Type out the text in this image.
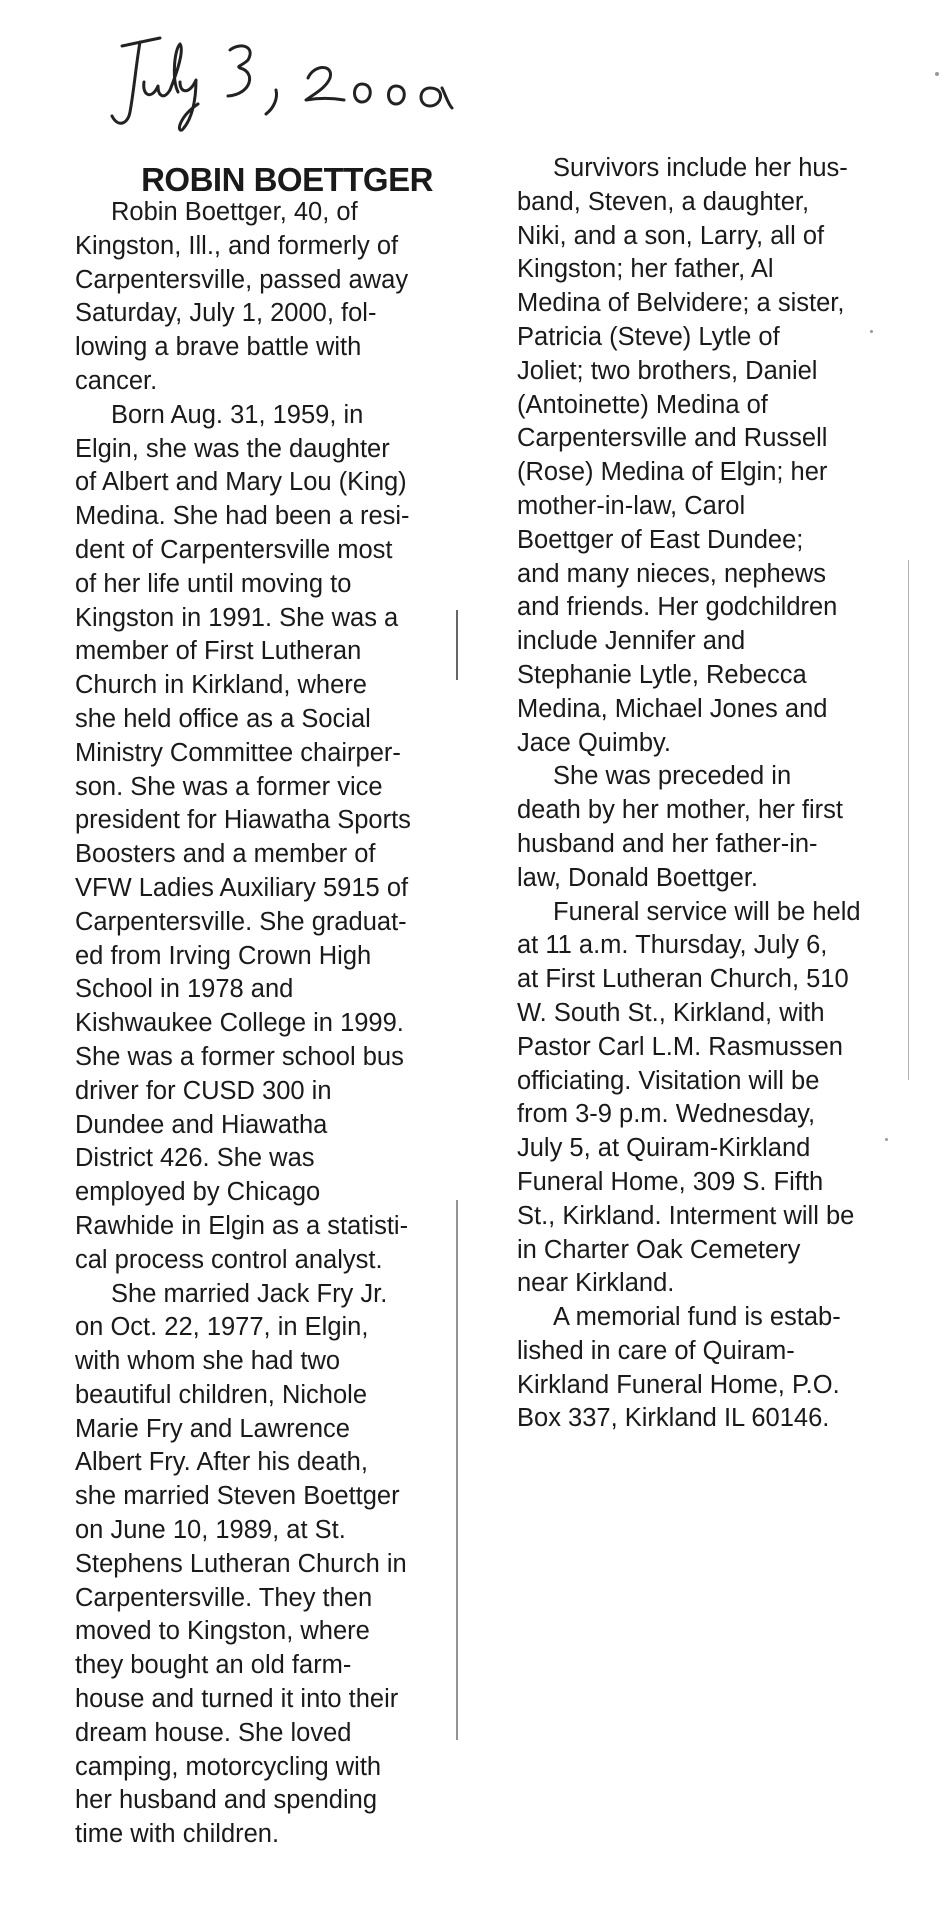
ROBIN BOETTGER

Robin Boettger, 40, of

Kingston, Ill., and formerly of

Carpentersville, passed away

Saturday, July 1, 2000, fol-

lowing a brave battle with

cancer.

Born Aug. 31, 1959, in

Elgin, she was the daughter

of Albert and Mary Lou (King)

Medina. She had been a resi-

dent of Carpentersville most

of her life until moving to

Kingston in 1991. She was a

member of First Lutheran

Church in Kirkland, where

she held office as a Social

Ministry Committee chairper-

son. She was a former vice

president for Hiawatha Sports

Boosters and a member of

VFW Ladies Auxiliary 5915 of

Carpentersville. She graduat-

ed from Irving Crown High

School in 1978 and

Kishwaukee College in 1999.

She was a former school bus

driver for CUSD 300 in

Dundee and Hiawatha

District 426. She was

employed by Chicago

Rawhide in Elgin as a statisti-

cal process control analyst.

She married Jack Fry Jr.

on Oct. 22, 1977, in Elgin,

with whom she had two

beautiful children, Nichole

Marie Fry and Lawrence

Albert Fry. After his death,

she married Steven Boettger

on June 10, 1989, at St.

Stephens Lutheran Church in

Carpentersville. They then

moved to Kingston, where

they bought an old farm-

house and turned it into their

dream house. She loved

camping, motorcycling with

her husband and spending

time with children.

Survivors include her hus-

band, Steven, a daughter,

Niki, and a son, Larry, all of

Kingston; her father, Al

Medina of Belvidere; a sister,

Patricia (Steve) Lytle of

Joliet; two brothers, Daniel

(Antoinette) Medina of

Carpentersville and Russell

(Rose) Medina of Elgin; her

mother-in-law, Carol

Boettger of East Dundee;

and many nieces, nephews

and friends. Her godchildren

include Jennifer and

Stephanie Lytle, Rebecca

Medina, Michael Jones and

Jace Quimby.

She was preceded in

death by her mother, her first

husband and her father-in-

law, Donald Boettger.

Funeral service will be held

at 11 a.m. Thursday, July 6,

at First Lutheran Church, 510

W. South St., Kirkland, with

Pastor Carl L.M. Rasmussen

officiating. Visitation will be

from 3-9 p.m. Wednesday,

July 5, at Quiram-Kirkland

Funeral Home, 309 S. Fifth

St., Kirkland. Interment will be

in Charter Oak Cemetery

near Kirkland.

A memorial fund is estab-

lished in care of Quiram-

Kirkland Funeral Home, P.O.

Box 337, Kirkland IL 60146.
